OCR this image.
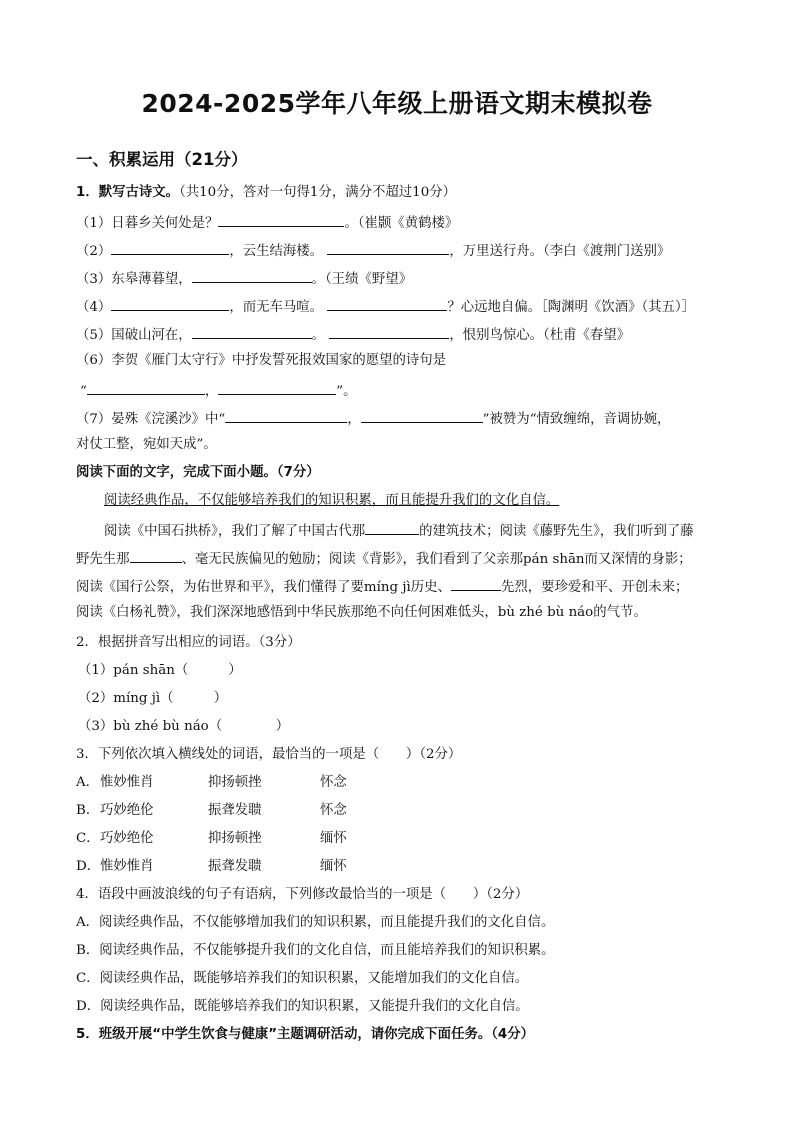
2024-2025学年八年级上册语文期末模拟卷
一、积累运用（21分）
1．默写古诗文。（共10分，答对一句得1分，满分不超过10分）
（1）日暮乡关何处是？	。（崔颢《黄鹤楼》
（2）	，云生结海楼。	，万里送行舟。（李白《渡荆门送别》
（3）东皋薄暮望，	。（王绩《野望》
（4）	，而无车马喧。	？心远地自偏。［陶渊明《饮酒》（其五）］
（5）国破山河在，	。	，恨别鸟惊心。（杜甫《春望》
（6）李贺《雁门太守行》中抒发誓死报效国家的愿望的诗句是
“	，	”。
（7）晏殊《浣溪沙》中“	，	”被赞为“情致缠绵，音调协婉，
对仗工整，宛如天成”。
阅读下面的文字，完成下面小题。（7分）
阅读经典作品，不仅能够培养我们的知识积累，而且能提升我们的文化自信。
阅读《中国石拱桥》，我们了解了中国古代那	的建筑技术；阅读《藤野先生》，我们听到了藤
野先生那	、毫无民族偏见的勉励；阅读《背影》，我们看到了父亲那pán shān而又深情的身影；
阅读《国行公祭，为佑世界和平》，我们懂得了要míng jì历史、	先烈，要珍爱和平、开创未来；
阅读《白杨礼赞》，我们深深地感悟到中华民族那绝不向任何困难低头，bù zhé bù náo的气节。
2．根据拼音写出相应的词语。（3分）
（1）pán shān（　　　）
（2）míng jì（　　　）
（3）bù zhé bù náo（　　　　）
3．下列依次填入横线处的词语，最恰当的一项是（　　）（2分）
A．惟妙惟肖	抑扬顿挫	怀念
B．巧妙绝伦	振聋发聩	怀念
C．巧妙绝伦	抑扬顿挫	缅怀
D．惟妙惟肖	振聋发聩	缅怀
4．语段中画波浪线的句子有语病，下列修改最恰当的一项是（　　）（2分）
A．阅读经典作品，不仅能够增加我们的知识积累，而且能提升我们的文化自信。
B．阅读经典作品，不仅能够提升我们的文化自信，而且能培养我们的知识积累。
C．阅读经典作品，既能够培养我们的知识积累，又能增加我们的文化自信。
D．阅读经典作品，既能够培养我们的知识积累，又能提升我们的文化自信。
5．班级开展“中学生饮食与健康”主题调研活动，请你完成下面任务。（4分）
